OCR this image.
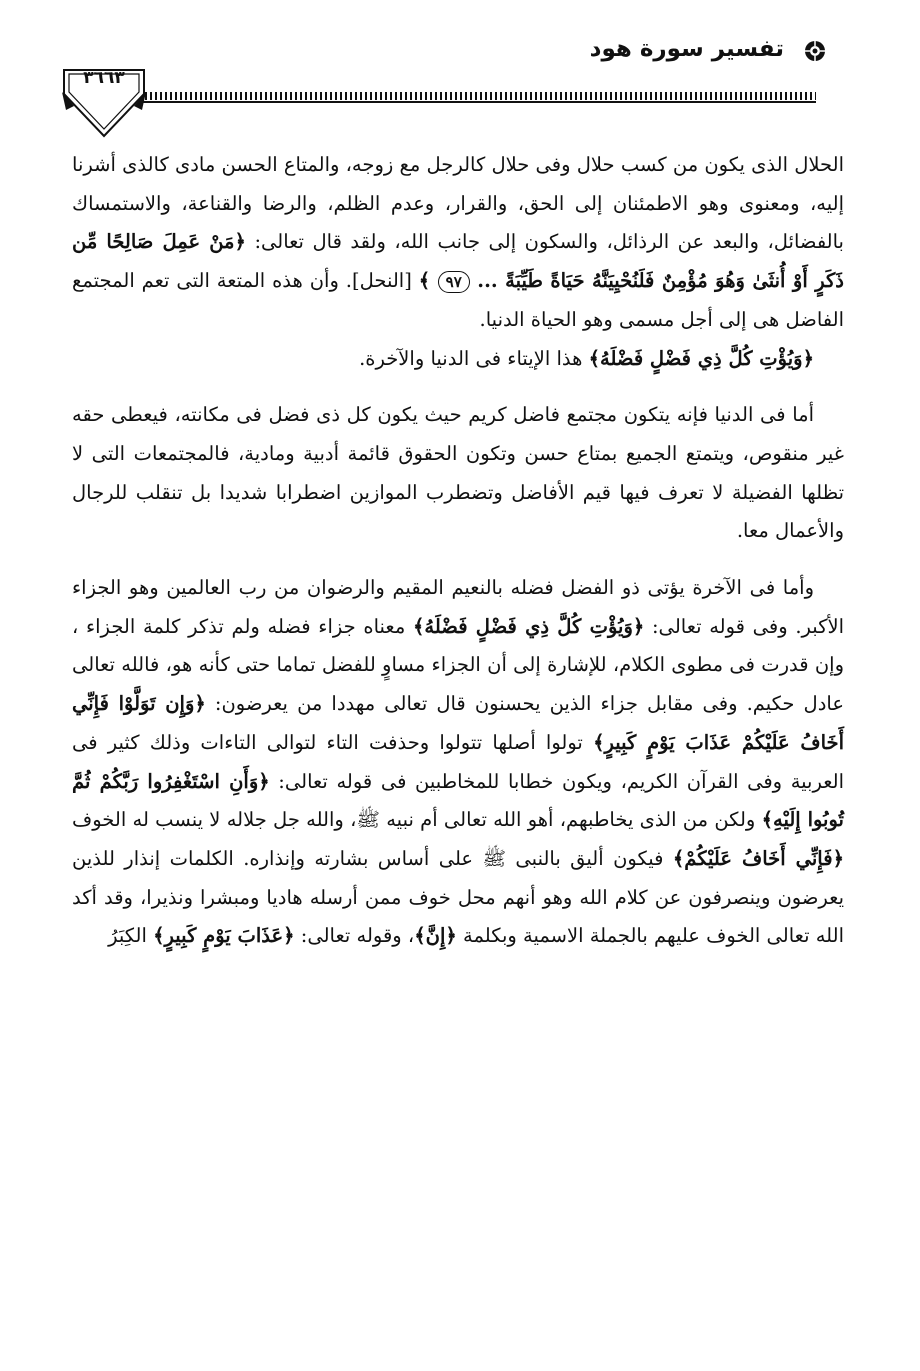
تفسير سورة هود
٣٦٦٣

الحلال الذى يكون من كسب حلال وفى حلال كالرجل مع زوجه، والمتاع الحسن مادى كالذى أشرنا إليه، ومعنوى وهو الاطمئنان إلى الحق، والقرار، وعدم الظلم، والرضا والقناعة، والاستمساك بالفضائل، والبعد عن الرذائل، والسكون إلى جانب الله، ولقد قال تعالى: ﴿مَنْ عَمِلَ صَالِحًا مِّن ذَكَرٍ أَوْ أُنثَىٰ وَهُوَ مُؤْمِنٌ فَلَنُحْيِيَنَّهُ حَيَاةً طَيِّبَةً ... ٩٧ ﴾ [النحل]. وأن هذه المتعة التى تعم المجتمع الفاضل هى إلى أجل مسمى وهو الحياة الدنيا.

﴿وَيُؤْتِ كُلَّ ذِي فَضْلٍ فَضْلَهُ﴾ هذا الإيتاء فى الدنيا والآخرة.

أما فى الدنيا فإنه يتكون مجتمع فاضل كريم حيث يكون كل ذى فضل فى مكانته، فيعطى حقه غير منقوص، ويتمتع الجميع بمتاع حسن وتكون الحقوق قائمة أدبية ومادية، فالمجتمعات التى لا تظلها الفضيلة لا تعرف فيها قيم الأفاضل وتضطرب الموازين اضطرابا شديدا بل تنقلب للرجال والأعمال معا.

وأما فى الآخرة يؤتى ذو الفضل فضله بالنعيم المقيم والرضوان من رب العالمين وهو الجزاء الأكبر. وفى قوله تعالى: ﴿وَيُؤْتِ كُلَّ ذِي فَضْلٍ فَضْلَهُ﴾ معناه جزاء فضله ولم تذكر كلمة الجزاء ، وإن قدرت فى مطوى الكلام، للإشارة إلى أن الجزاء مساوٍ للفضل تماما حتى كأنه هو، فالله تعالى عادل حكيم. وفى مقابل جزاء الذين يحسنون قال تعالى مهددا من يعرضون: ﴿وَإِن تَوَلَّوْا فَإِنِّي أَخَافُ عَلَيْكُمْ عَذَابَ يَوْمٍ كَبِيرٍ﴾ تولوا أصلها تتولوا وحذفت التاء لتوالى التاءات وذلك كثير فى العربية وفى القرآن الكريم، ويكون خطابا للمخاطبين فى قوله تعالى: ﴿وَأَنِ اسْتَغْفِرُوا رَبَّكُمْ ثُمَّ تُوبُوا إِلَيْهِ﴾ ولكن من الذى يخاطبهم، أهو الله تعالى أم نبيه ﷺ، والله جل جلاله لا ينسب له الخوف ﴿فَإِنِّي أَخَافُ عَلَيْكُمْ﴾ فيكون أليق بالنبى ﷺ على أساس بشارته وإنذاره. الكلمات إنذار للذين يعرضون وينصرفون عن كلام الله وهو أنهم محل خوف ممن أرسله هاديا ومبشرا ونذيرا، وقد أكد الله تعالى الخوف عليهم بالجملة الاسمية وبكلمة ﴿إِنَّ﴾، وقوله تعالى: ﴿عَذَابَ يَوْمٍ كَبِيرٍ﴾ الكِبَرُ
